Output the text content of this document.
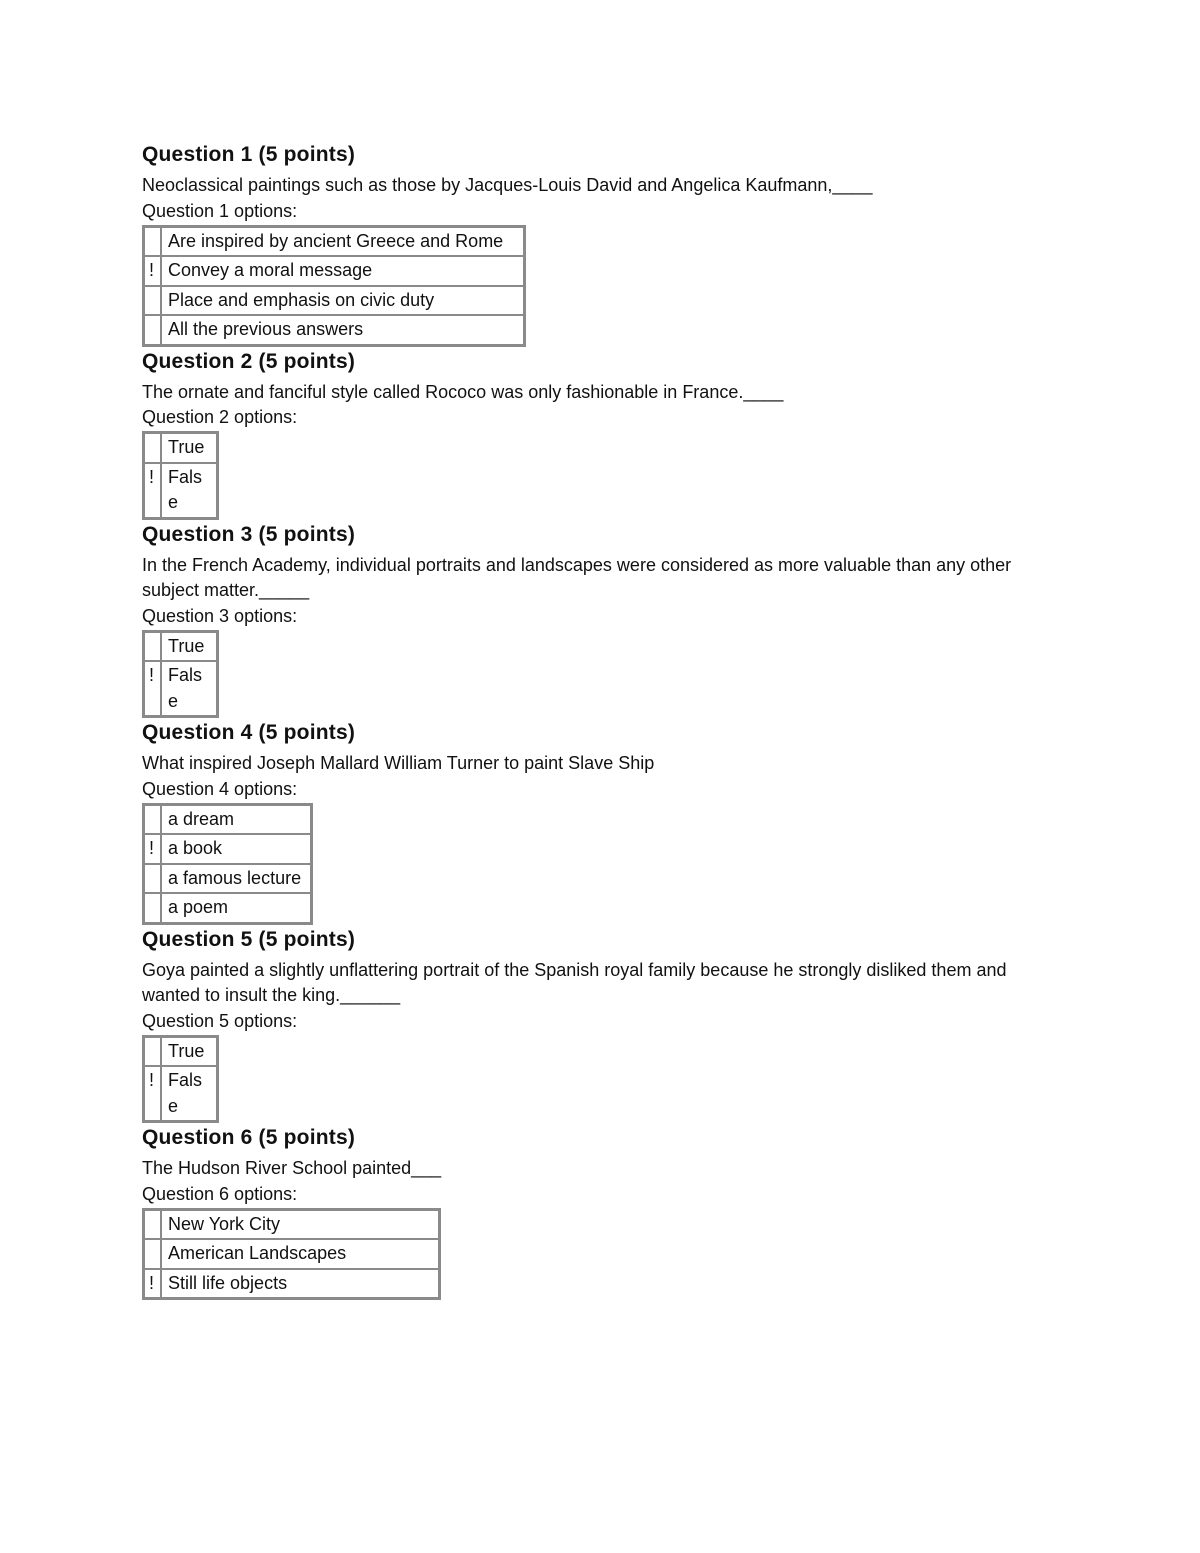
Question 1 (5 points)
Neoclassical paintings such as those by Jacques-Louis David and Angelica Kaufmann,____
Question 1 options:
	Are inspired by ancient Greece and Rome
!	Convey a moral message
	Place and emphasis on civic duty
	All the previous answers
Question 2 (5 points)
The ornate and fanciful style called Rococo was only fashionable in France.____
Question 2 options:
	True
!	False
Question 3 (5 points)
In the French Academy, individual portraits and landscapes were considered as more valuable than any other subject matter._____
Question 3 options:
	True
!	False
Question 4 (5 points)
What inspired Joseph Mallard William Turner to paint Slave Ship
Question 4 options:
	a dream
!	a book
	a famous lecture
	a poem
Question 5 (5 points)
Goya painted a slightly unflattering portrait of the Spanish royal family because he strongly disliked them and wanted to insult the king.______
Question 5 options:
	True
!	False
Question 6 (5 points)
The Hudson River School painted___
Question 6 options:
	New York City
	American Landscapes
!	Still life objects
